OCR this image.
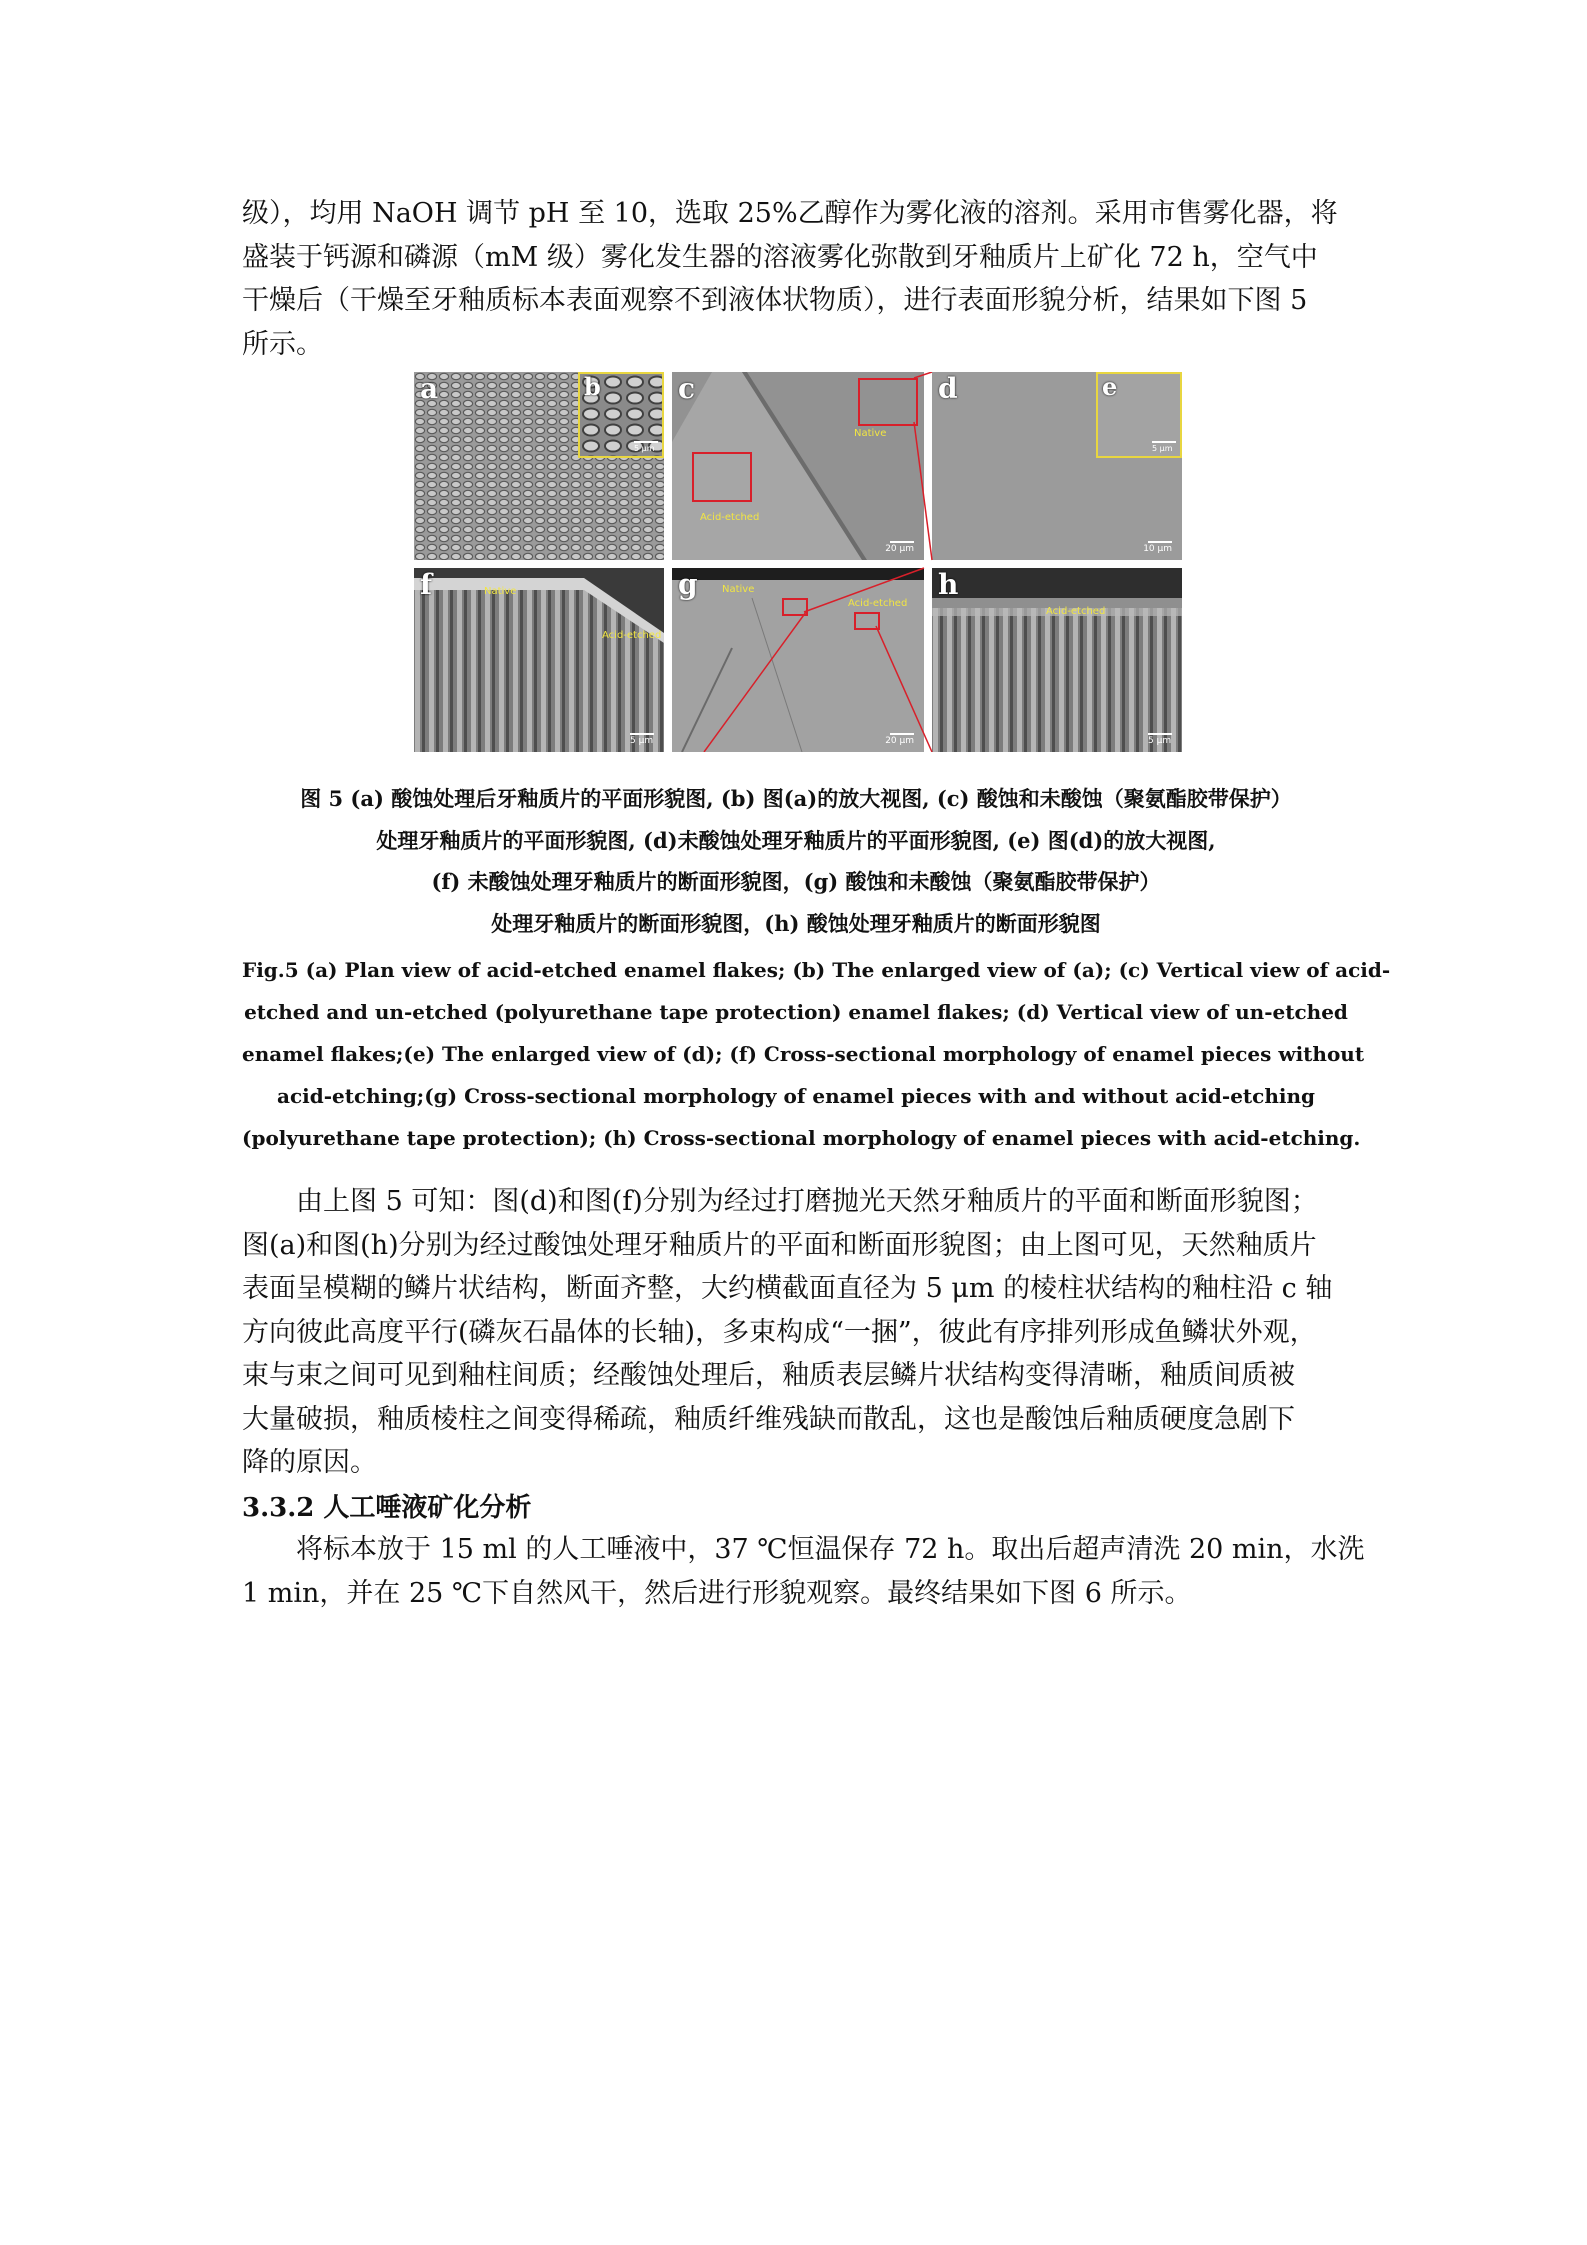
级），均用 NaOH 调节 pH 至 10，选取 25%乙醇作为雾化液的溶剂。采用市售雾化器，将
盛装于钙源和磷源（mM 级）雾化发生器的溶液雾化弥散到牙釉质片上矿化 72 h，空气中
干燥后（干燥至牙釉质标本表面观察不到液体状物质），进行表面形貌分析，结果如下图 5
所示。

b
5 μm
a
Native
Acid-etched
c
20 μm
e
5 μm
d
10 μm
Native
Acid-etched
f
5 μm
Native
Acid-etched
g
20 μm
Acid-etched
h
5 μm

图 5 (a) 酸蚀处理后牙釉质片的平面形貌图, (b) 图(a)的放大视图, (c) 酸蚀和未酸蚀（聚氨酯胶带保护）
处理牙釉质片的平面形貌图, (d)未酸蚀处理牙釉质片的平面形貌图, (e) 图(d)的放大视图,
(f) 未酸蚀处理牙釉质片的断面形貌图，(g) 酸蚀和未酸蚀（聚氨酯胶带保护）
处理牙釉质片的断面形貌图，(h) 酸蚀处理牙釉质片的断面形貌图

Fig.5 (a) Plan view of acid-etched enamel flakes; (b) The enlarged view of (a); (c) Vertical view of acid-
etched and un-etched (polyurethane tape protection) enamel flakes; (d) Vertical view of un-etched
enamel flakes;(e) The enlarged view of (d); (f) Cross-sectional morphology of enamel pieces without
acid-etching;(g) Cross-sectional morphology of enamel pieces with and without acid-etching
(polyurethane tape protection); (h) Cross-sectional morphology of enamel pieces with acid-etching.

由上图 5 可知：图(d)和图(f)分别为经过打磨抛光天然牙釉质片的平面和断面形貌图；
图(a)和图(h)分别为经过酸蚀处理牙釉质片的平面和断面形貌图；由上图可见，天然釉质片
表面呈模糊的鳞片状结构，断面齐整，大约横截面直径为 5 μm 的棱柱状结构的釉柱沿 c 轴
方向彼此高度平行(磷灰石晶体的长轴)，多束构成“一捆”，彼此有序排列形成鱼鳞状外观，
束与束之间可见到釉柱间质；经酸蚀处理后，釉质表层鳞片状结构变得清晰，釉质间质被
大量破损，釉质棱柱之间变得稀疏，釉质纤维残缺而散乱，这也是酸蚀后釉质硬度急剧下
降的原因。

3.3.2 人工唾液矿化分析

将标本放于 15 ml 的人工唾液中，37 ℃恒温保存 72 h。取出后超声清洗 20 min，水洗
1 min，并在 25 ℃下自然风干，然后进行形貌观察。最终结果如下图 6 所示。
